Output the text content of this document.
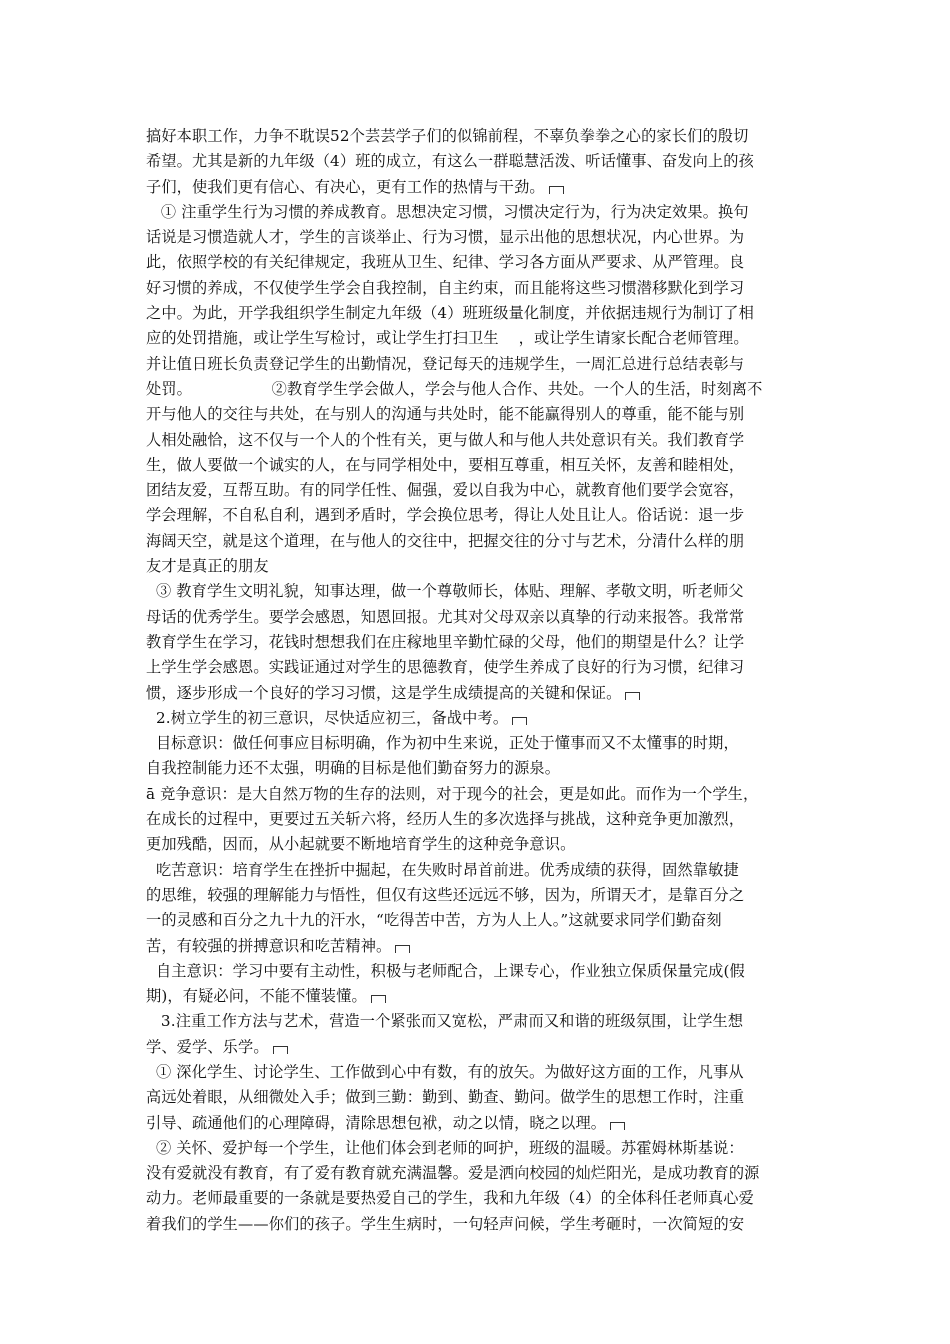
搞好本职工作，力争不耽误52个芸芸学子们的似锦前程，不辜负拳拳之心的家长们的殷切
希望。尤其是新的九年级（4）班的成立，有这么一群聪慧活泼、听话懂事、奋发向上的孩
子们，使我们更有信心、有决心，更有工作的热情与干劲。
① 注重学生行为习惯的养成教育。思想决定习惯，习惯决定行为，行为决定效果。换句
话说是习惯造就人才，学生的言谈举止、行为习惯，显示出他的思想状况，内心世界。为
此，依照学校的有关纪律规定，我班从卫生、纪律、学习各方面从严要求、从严管理。良
好习惯的养成，不仅使学生学会自我控制，自主约束，而且能将这些习惯潜移默化到学习
之中。为此，开学我组织学生制定九年级（4）班班级量化制度，并依据违规行为制订了相
应的处罚措施，或让学生写检讨，或让学生打扫卫生    ，或让学生请家长配合老师管理。
并让值日班长负责登记学生的出勤情况，登记每天的违规学生，一周汇总进行总结表彰与
处罚。                ②教育学生学会做人，学会与他人合作、共处。一个人的生活，时刻离不
开与他人的交往与共处，在与别人的沟通与共处时，能不能赢得别人的尊重，能不能与别
人相处融恰，这不仅与一个人的个性有关，更与做人和与他人共处意识有关。我们教育学
生，做人要做一个诚实的人，在与同学相处中，要相互尊重，相互关怀，友善和睦相处，
团结友爱，互帮互助。有的同学任性、倔强，爱以自我为中心，就教育他们要学会宽容，
学会理解，不自私自利，遇到矛盾时，学会换位思考，得让人处且让人。俗话说：退一步
海阔天空，就是这个道理，在与他人的交往中，把握交往的分寸与艺术，分清什么样的朋
友才是真正的朋友
③ 教育学生文明礼貌，知事达理，做一个尊敬师长，体贴、理解、孝敬文明，听老师父
母话的优秀学生。要学会感恩，知恩回报。尤其对父母双亲以真挚的行动来报答。我常常
教育学生在学习，花钱时想想我们在庄稼地里辛勤忙碌的父母，他们的期望是什么？让学
上学生学会感恩。实践证通过对学生的思德教育，使学生养成了良好的行为习惯，纪律习
惯，逐步形成一个良好的学习习惯，这是学生成绩提高的关键和保证。
2.树立学生的初三意识，尽快适应初三，备战中考。
目标意识：做任何事应目标明确，作为初中生来说，正处于懂事而又不太懂事的时期，
自我控制能力还不太强，明确的目标是他们勤奋努力的源泉。
ā 竞争意识：是大自然万物的生存的法则，对于现今的社会，更是如此。而作为一个学生，
在成长的过程中，更要过五关斩六将，经历人生的多次选择与挑战，这种竞争更加激烈，
更加残酷，因而，从小起就要不断地培育学生的这种竞争意识。
吃苦意识：培育学生在挫折中掘起，在失败时昂首前进。优秀成绩的获得，固然靠敏捷
的思维，较强的理解能力与悟性，但仅有这些还远远不够，因为，所谓天才，是靠百分之
一的灵感和百分之九十九的汗水，“吃得苦中苦，方为人上人。”这就要求同学们勤奋刻
苦，有较强的拼搏意识和吃苦精神。
自主意识：学习中要有主动性，积极与老师配合，上课专心，作业独立保质保量完成(假
期)，有疑必问，不能不懂装懂。
3.注重工作方法与艺术，营造一个紧张而又宽松，严肃而又和谐的班级氛围，让学生想
学、爱学、乐学。
① 深化学生、讨论学生、工作做到心中有数，有的放矢。为做好这方面的工作，凡事从
高远处着眼，从细微处入手；做到三勤：勤到、勤查、勤问。做学生的思想工作时，注重
引导、疏通他们的心理障碍，清除思想包袱，动之以情，晓之以理。
② 关怀、爱护每一个学生，让他们体会到老师的呵护，班级的温暖。苏霍姆林斯基说：
没有爱就没有教育，有了爱有教育就充满温馨。爱是洒向校园的灿烂阳光，是成功教育的源
动力。老师最重要的一条就是要热爱自己的学生，我和九年级（4）的全体科任老师真心爱
着我们的学生——你们的孩子。学生生病时，一句轻声问候，学生考砸时，一次简短的安
